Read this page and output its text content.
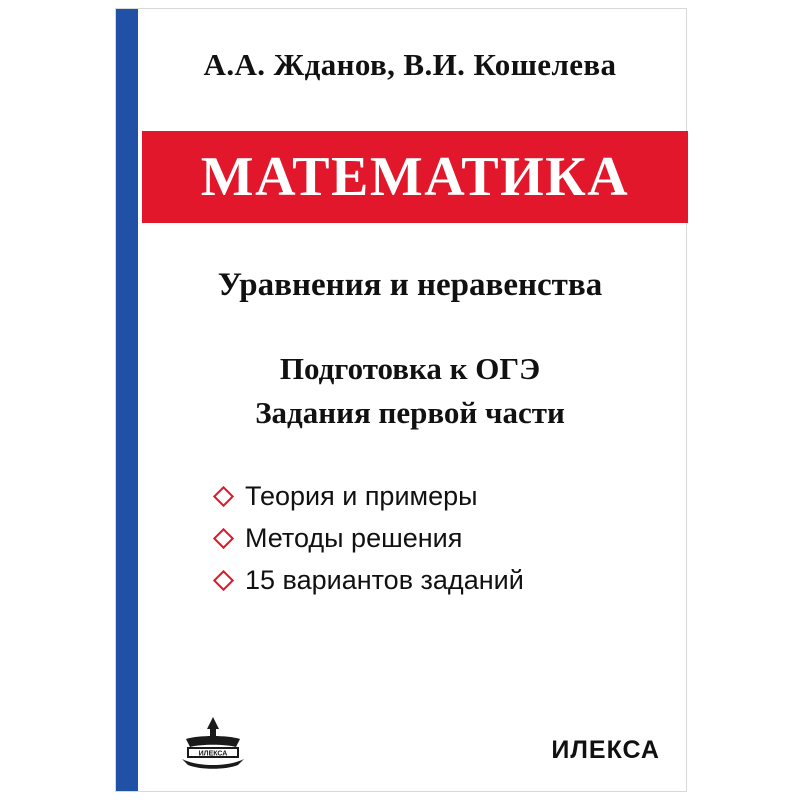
А.А. Жданов, В.И. Кошелева
МАТЕМАТИКА
Уравнения и неравенства
Подготовка к ОГЭ
Задания первой части
Теория и примеры
Методы решения
15 вариантов заданий
ИЛЕКСА	ИЛЕКСА
